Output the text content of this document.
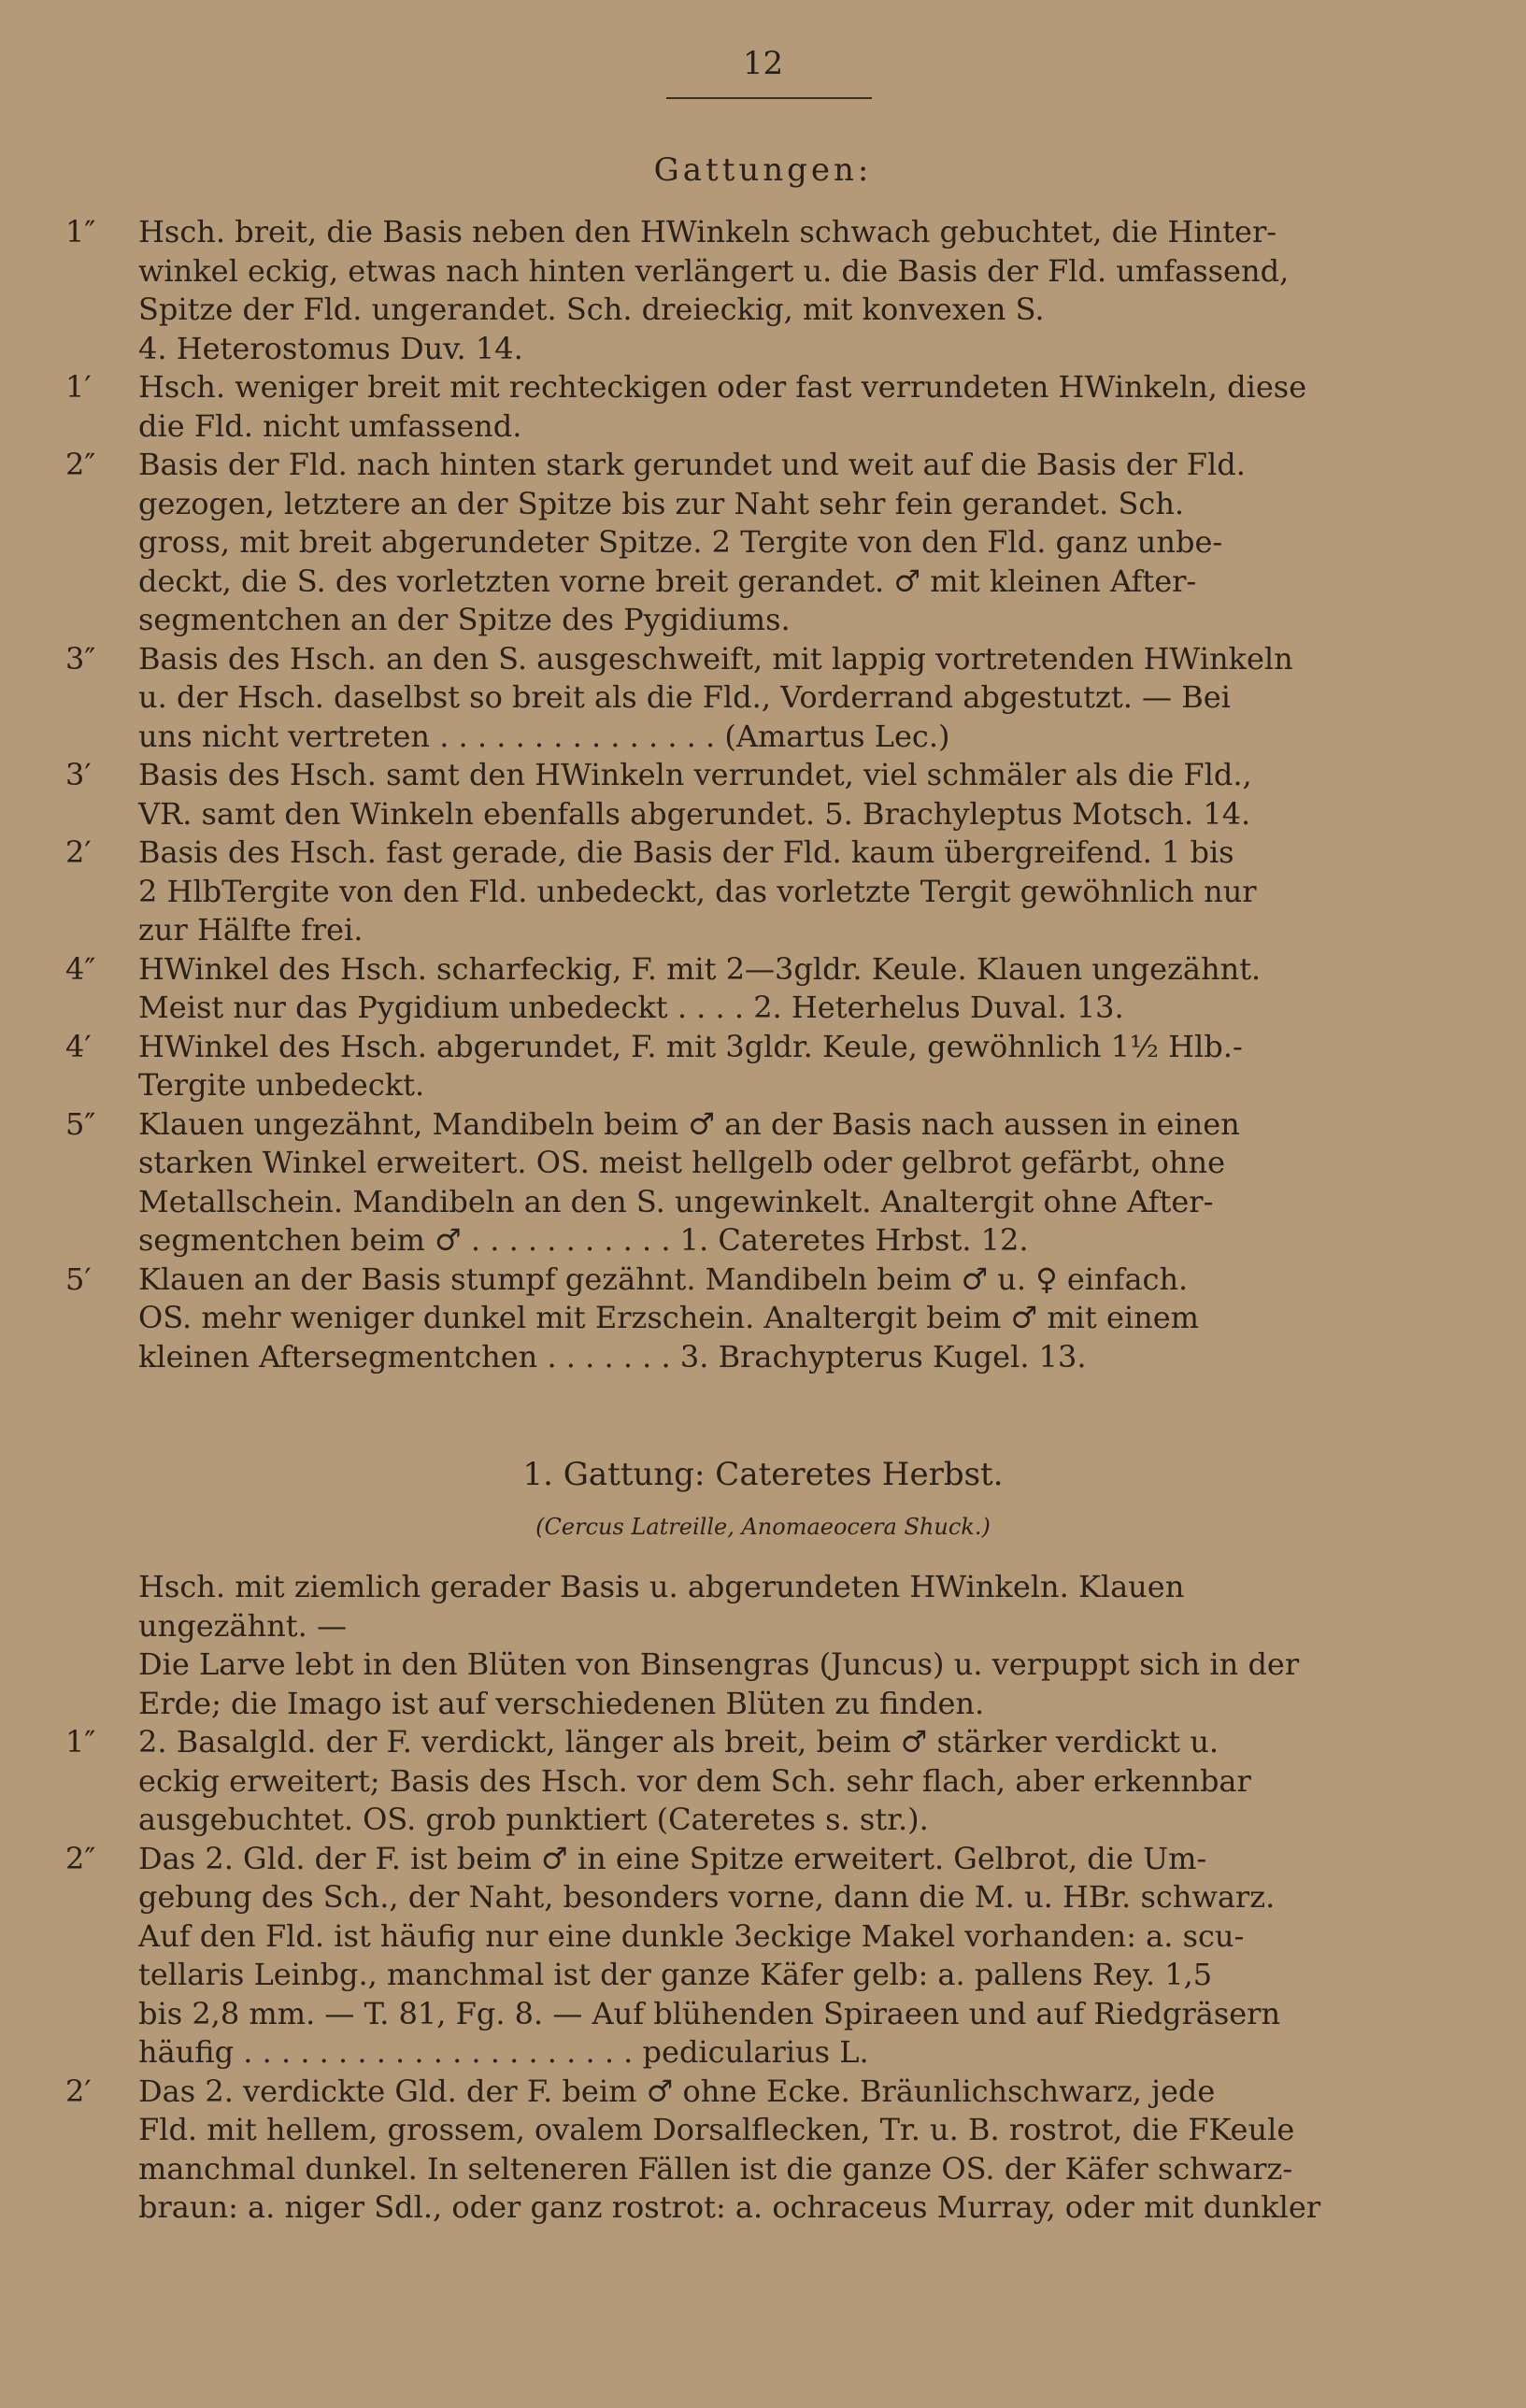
12
Gattungen:
1″	Hsch. breit, die Basis neben den HWinkeln schwach gebuchtet, die Hinter-
winkel eckig, etwas nach hinten verlängert u. die Basis der Fld. umfassend,
Spitze der Fld. ungerandet. Sch. dreieckig, mit konvexen S.
4. Heterostomus Duv. 14.
1′	Hsch. weniger breit mit rechteckigen oder fast verrundeten HWinkeln, diese
die Fld. nicht umfassend.
2″	Basis der Fld. nach hinten stark gerundet und weit auf die Basis der Fld.
gezogen, letztere an der Spitze bis zur Naht sehr fein gerandet. Sch.
gross, mit breit abgerundeter Spitze. 2 Tergite von den Fld. ganz unbe-
deckt, die S. des vorletzten vorne breit gerandet. ♂ mit kleinen After-
segmentchen an der Spitze des Pygidiums.
3″	Basis des Hsch. an den S. ausgeschweift, mit lappig vortretenden HWinkeln
u. der Hsch. daselbst so breit als die Fld., Vorderrand abgestutzt. — Bei
uns nicht vertreten . . . . . . . . . . . . . . . (Amartus Lec.)
3′	Basis des Hsch. samt den HWinkeln verrundet, viel schmäler als die Fld.,
VR. samt den Winkeln ebenfalls abgerundet. 5. Brachyleptus Motsch. 14.
2′	Basis des Hsch. fast gerade, die Basis der Fld. kaum übergreifend. 1 bis
2 HlbTergite von den Fld. unbedeckt, das vorletzte Tergit gewöhnlich nur
zur Hälfte frei.
4″	HWinkel des Hsch. scharfeckig, F. mit 2—3gldr. Keule. Klauen ungezähnt.
Meist nur das Pygidium unbedeckt . . . . 2. Heterhelus Duval. 13.
4′	HWinkel des Hsch. abgerundet, F. mit 3gldr. Keule, gewöhnlich 1½ Hlb.-
Tergite unbedeckt.
5″	Klauen ungezähnt, Mandibeln beim ♂ an der Basis nach aussen in einen
starken Winkel erweitert. OS. meist hellgelb oder gelbrot gefärbt, ohne
Metallschein. Mandibeln an den S. ungewinkelt. Analtergit ohne After-
segmentchen beim ♂ . . . . . . . . . . . 1. Cateretes Hrbst. 12.
5′	Klauen an der Basis stumpf gezähnt. Mandibeln beim ♂ u. ♀ einfach.
OS. mehr weniger dunkel mit Erzschein. Analtergit beim ♂ mit einem
kleinen Aftersegmentchen . . . . . . . 3. Brachypterus Kugel. 13.
1. Gattung: Cateretes Herbst.
(Cercus Latreille, Anomaeocera Shuck.)
Hsch. mit ziemlich gerader Basis u. abgerundeten HWinkeln. Klauen
ungezähnt. —
Die Larve lebt in den Blüten von Binsengras (Juncus) u. verpuppt sich in der
Erde; die Imago ist auf verschiedenen Blüten zu finden.
1″	2. Basalgld. der F. verdickt, länger als breit, beim ♂ stärker verdickt u.
eckig erweitert; Basis des Hsch. vor dem Sch. sehr flach, aber erkennbar
ausgebuchtet. OS. grob punktiert (Cateretes s. str.).
2″	Das 2. Gld. der F. ist beim ♂ in eine Spitze erweitert. Gelbrot, die Um-
gebung des Sch., der Naht, besonders vorne, dann die M. u. HBr. schwarz.
Auf den Fld. ist häufig nur eine dunkle 3eckige Makel vorhanden: a. scu-
tellaris Leinbg., manchmal ist der ganze Käfer gelb: a. pallens Rey. 1,5
bis 2,8 mm. — T. 81, Fg. 8. — Auf blühenden Spiraeen und auf Riedgräsern
häufig . . . . . . . . . . . . . . . . . . . . . pedicularius L.
2′	Das 2. verdickte Gld. der F. beim ♂ ohne Ecke. Bräunlichschwarz, jede
Fld. mit hellem, grossem, ovalem Dorsalflecken, Tr. u. B. rostrot, die FKeule
manchmal dunkel. In selteneren Fällen ist die ganze OS. der Käfer schwarz-
braun: a. niger Sdl., oder ganz rostrot: a. ochraceus Murray, oder mit dunkler
